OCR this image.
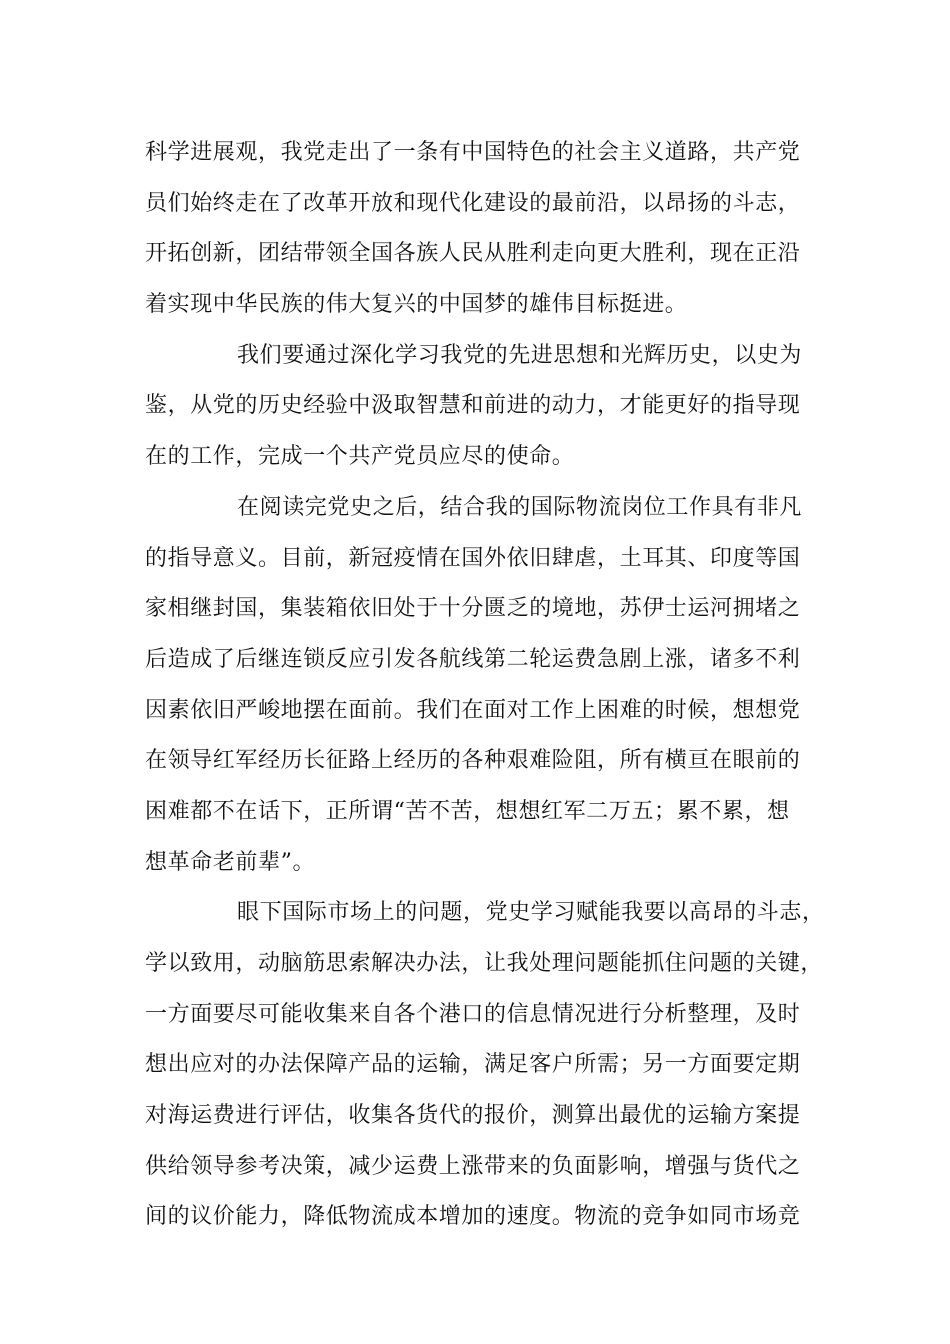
科学进展观，我党走出了一条有中国特色的社会主义道路，共产党
员们始终走在了改革开放和现代化建设的最前沿，以昂扬的斗志，
开拓创新，团结带领全国各族人民从胜利走向更大胜利，现在正沿
着实现中华民族的伟大复兴的中国梦的雄伟目标挺进。
我们要通过深化学习我党的先进思想和光辉历史，以史为
鉴，从党的历史经验中汲取智慧和前进的动力，才能更好的指导现
在的工作，完成一个共产党员应尽的使命。
在阅读完党史之后，结合我的国际物流岗位工作具有非凡
的指导意义。目前，新冠疫情在国外依旧肆虐，土耳其、印度等国
家相继封国，集装箱依旧处于十分匮乏的境地，苏伊士运河拥堵之
后造成了后继连锁反应引发各航线第二轮运费急剧上涨，诸多不利
因素依旧严峻地摆在面前。我们在面对工作上困难的时候，想想党
在领导红军经历长征路上经历的各种艰难险阻，所有横亘在眼前的
困难都不在话下，正所谓“苦不苦，想想红军二万五；累不累，想
想革命老前辈”。
眼下国际市场上的问题，党史学习赋能我要以高昂的斗志，
学以致用，动脑筋思索解决办法，让我处理问题能抓住问题的关键，
一方面要尽可能收集来自各个港口的信息情况进行分析整理，及时
想出应对的办法保障产品的运输，满足客户所需；另一方面要定期
对海运费进行评估，收集各货代的报价，测算出最优的运输方案提
供给领导参考决策，减少运费上涨带来的负面影响，增强与货代之
间的议价能力，降低物流成本增加的速度。物流的竞争如同市场竞
